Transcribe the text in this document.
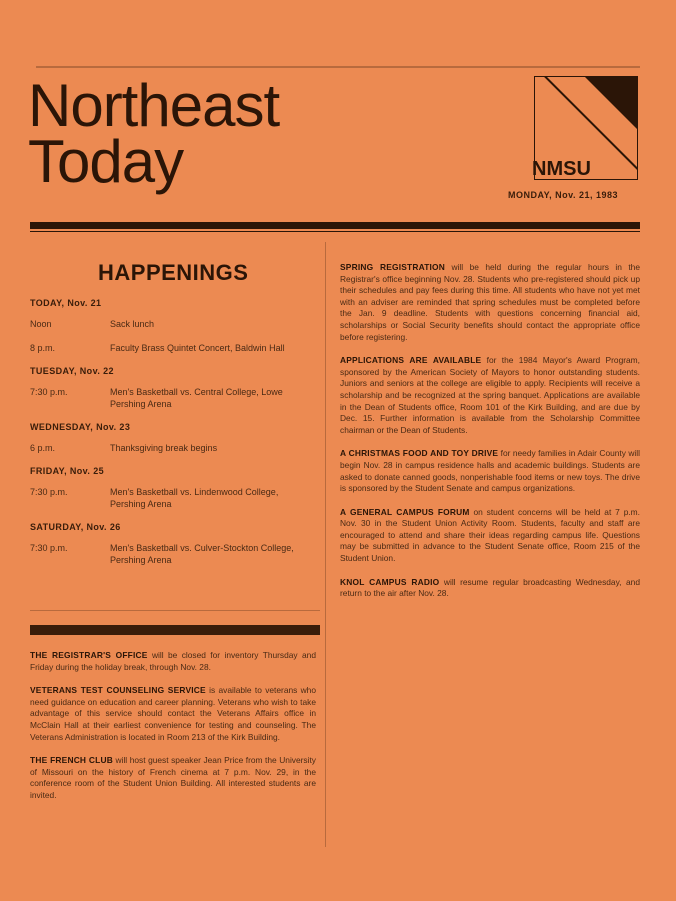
Northeast
Today	NMSU
MONDAY, Nov. 21, 1983
HAPPENINGS
TODAY, Nov. 21
Noon	Sack lunch
8 p.m.	Faculty Brass Quintet Concert, Baldwin Hall
TUESDAY, Nov. 22
7:30 p.m.	Men's Basketball vs. Central College, Lowe Pershing Arena
WEDNESDAY, Nov. 23
6 p.m.	Thanksgiving break begins
FRIDAY, Nov. 25
7:30 p.m.	Men's Basketball vs. Lindenwood College, Pershing Arena
SATURDAY, Nov. 26
7:30 p.m.	Men's Basketball vs. Culver-Stockton College, Pershing Arena

THE REGISTRAR'S OFFICE will be closed for inventory Thursday and Friday during the holiday break, through Nov. 28.

VETERANS TEST COUNSELING SERVICE is available to veterans who need guidance on education and career planning. Veterans who wish to take advantage of this service should contact the Veterans Affairs office in McClain Hall at their earliest convenience for testing and counseling. The Veterans Administration is located in Room 213 of the Kirk Building.

THE FRENCH CLUB will host guest speaker Jean Price from the University of Missouri on the history of French cinema at 7 p.m. Nov. 29, in the conference room of the Student Union Building. All interested students are invited.

SPRING REGISTRATION will be held during the regular hours in the Registrar's office beginning Nov. 28. Students who pre-registered should pick up their schedules and pay fees during this time. All students who have not yet met with an adviser are reminded that spring schedules must be completed before the Jan. 9 deadline. Students with questions concerning financial aid, scholarships or Social Security benefits should contact the appropriate office before registering.

APPLICATIONS ARE AVAILABLE for the 1984 Mayor's Award Program, sponsored by the American Society of Mayors to honor outstanding students. Juniors and seniors at the college are eligible to apply. Recipients will receive a scholarship and be recognized at the spring banquet. Applications are available in the Dean of Students office, Room 101 of the Kirk Building, and are due by Dec. 15. Further information is available from the Scholarship Committee chairman or the Dean of Students.

A CHRISTMAS FOOD AND TOY DRIVE for needy families in Adair County will begin Nov. 28 in campus residence halls and academic buildings. Students are asked to donate canned goods, nonperishable food items or new toys. The drive is sponsored by the Student Senate and campus organizations.

A GENERAL CAMPUS FORUM on student concerns will be held at 7 p.m. Nov. 30 in the Student Union Activity Room. Students, faculty and staff are encouraged to attend and share their ideas regarding campus life. Questions may be submitted in advance to the Student Senate office, Room 215 of the Student Union.

KNOL CAMPUS RADIO will resume regular broadcasting Wednesday, and return to the air after Nov. 28.
